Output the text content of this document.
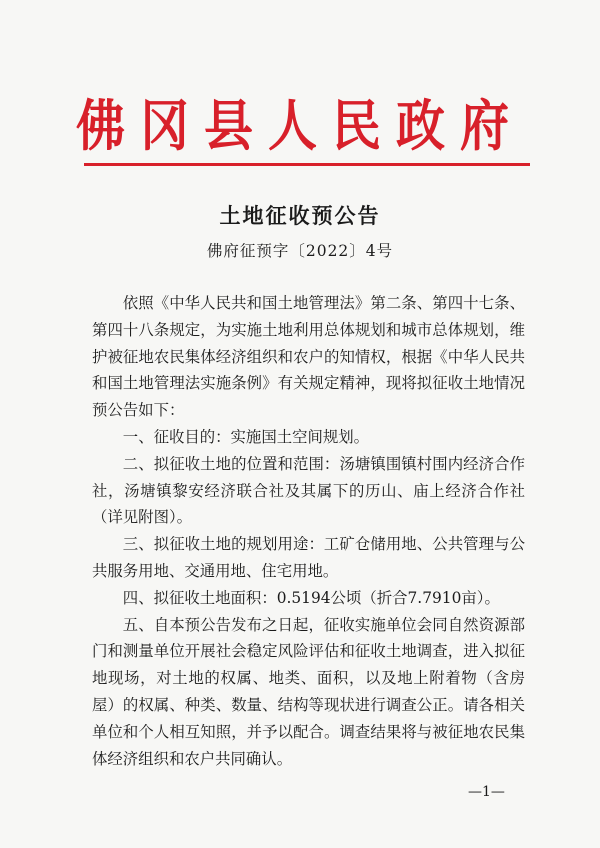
佛冈县人民政府
土地征收预公告
佛府征预字〔2022〕4号

依照《中华人民共和国土地管理法》第二条、第四十七条、第四十八条规定，为实施土地利用总体规划和城市总体规划，维护被征地农民集体经济组织和农户的知情权，根据《中华人民共和国土地管理法实施条例》有关规定精神，现将拟征收土地情况预公告如下：

一、征收目的：实施国土空间规划。

二、拟征收土地的位置和范围：汤塘镇围镇村围内经济合作社，汤塘镇黎安经济联合社及其属下的历山、庙上经济合作社（详见附图）。

三、拟征收土地的规划用途：工矿仓储用地、公共管理与公共服务用地、交通用地、住宅用地。

四、拟征收土地面积：0.5194公顷（折合7.7910亩）。

五、自本预公告发布之日起，征收实施单位会同自然资源部门和测量单位开展社会稳定风险评估和征收土地调查，进入拟征地现场，对土地的权属、地类、面积，以及地上附着物（含房屋）的权属、种类、数量、结构等现状进行调查公正。请各相关单位和个人相互知照，并予以配合。调查结果将与被征地农民集体经济组织和农户共同确认。

—1—
